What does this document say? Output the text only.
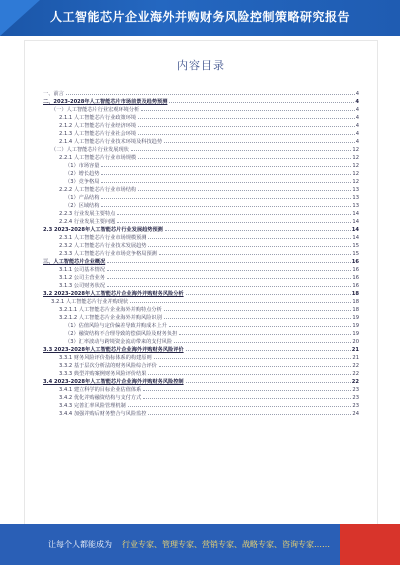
人工智能芯片企业海外并购财务风险控制策略研究报告
内容目录
一、前言	4
二、2023-2028年人工智能芯片市场前景及趋势预测	4
（一）人工智能芯片行业宏观环境分析	4
2.1.1 人工智能芯片行业政策环境	4
2.1.2 人工智能芯片行业经济环境	4
2.1.3 人工智能芯片行业社会环境	4
2.1.4 人工智能芯片行业技术环境及科技趋势	4
（二）人工智能芯片行业发展现状	12
2.2.1 人工智能芯片行业市场规模	12
（1）市场容量	12
（2）增长趋势	12
（3）竞争格局	12
2.2.2 人工智能芯片行业市场结构	13
（1）产品结构	13
（2）区域结构	13
2.2.3 行业发展主要特点	14
2.2.4 行业发展主要问题	14
2.3 2023-2028年人工智能芯片行业发展趋势预测	14
2.3.1 人工智能芯片行业市场规模预测	14
2.3.2 人工智能芯片行业技术发展趋势	15
2.3.3 人工智能芯片行业市场竞争格局预测	15
三、人工智能芯片企业概况	16
3.1.1 公司基本情况	16
3.1.2 公司主营业务	16
3.1.3 公司财务状况	16
3.2 2023-2028年人工智能芯片企业海外并购财务风险分析	18
3.2.1 人工智能芯片行业并购现状	18
3.2.1.1 人工智能芯片企业海外并购特点分析	18
3.2.1.2 人工智能芯片企业海外并购风险识别	19
（1）估值风险与定价偏差导致并购成本上升	19
（2）融资结构不合理导致的偿债风险及财务负担	19
（3）汇率波动与跨境资金流动带来的支付风险	20
3.3 2023-2028年人工智能芯片企业海外并购财务风险评价	21
3.3.1 财务风险评价指标体系的构建原则	21
3.3.2 基于层次分析法的财务风险综合评价	22
3.3.3 典型并购案例财务风险评价结果	22
3.4 2023-2028年人工智能芯片企业海外并购财务风险控制	22
3.4.1 建立科学的目标企业估值体系	23
3.4.2 优化并购融资结构与支付方式	23
3.4.3 完善汇率风险管理机制	23
3.4.4 加强并购后财务整合与风险监控	24
让每个人都能成为 行业专家、管理专家、营销专家、战略专家、咨询专家……
